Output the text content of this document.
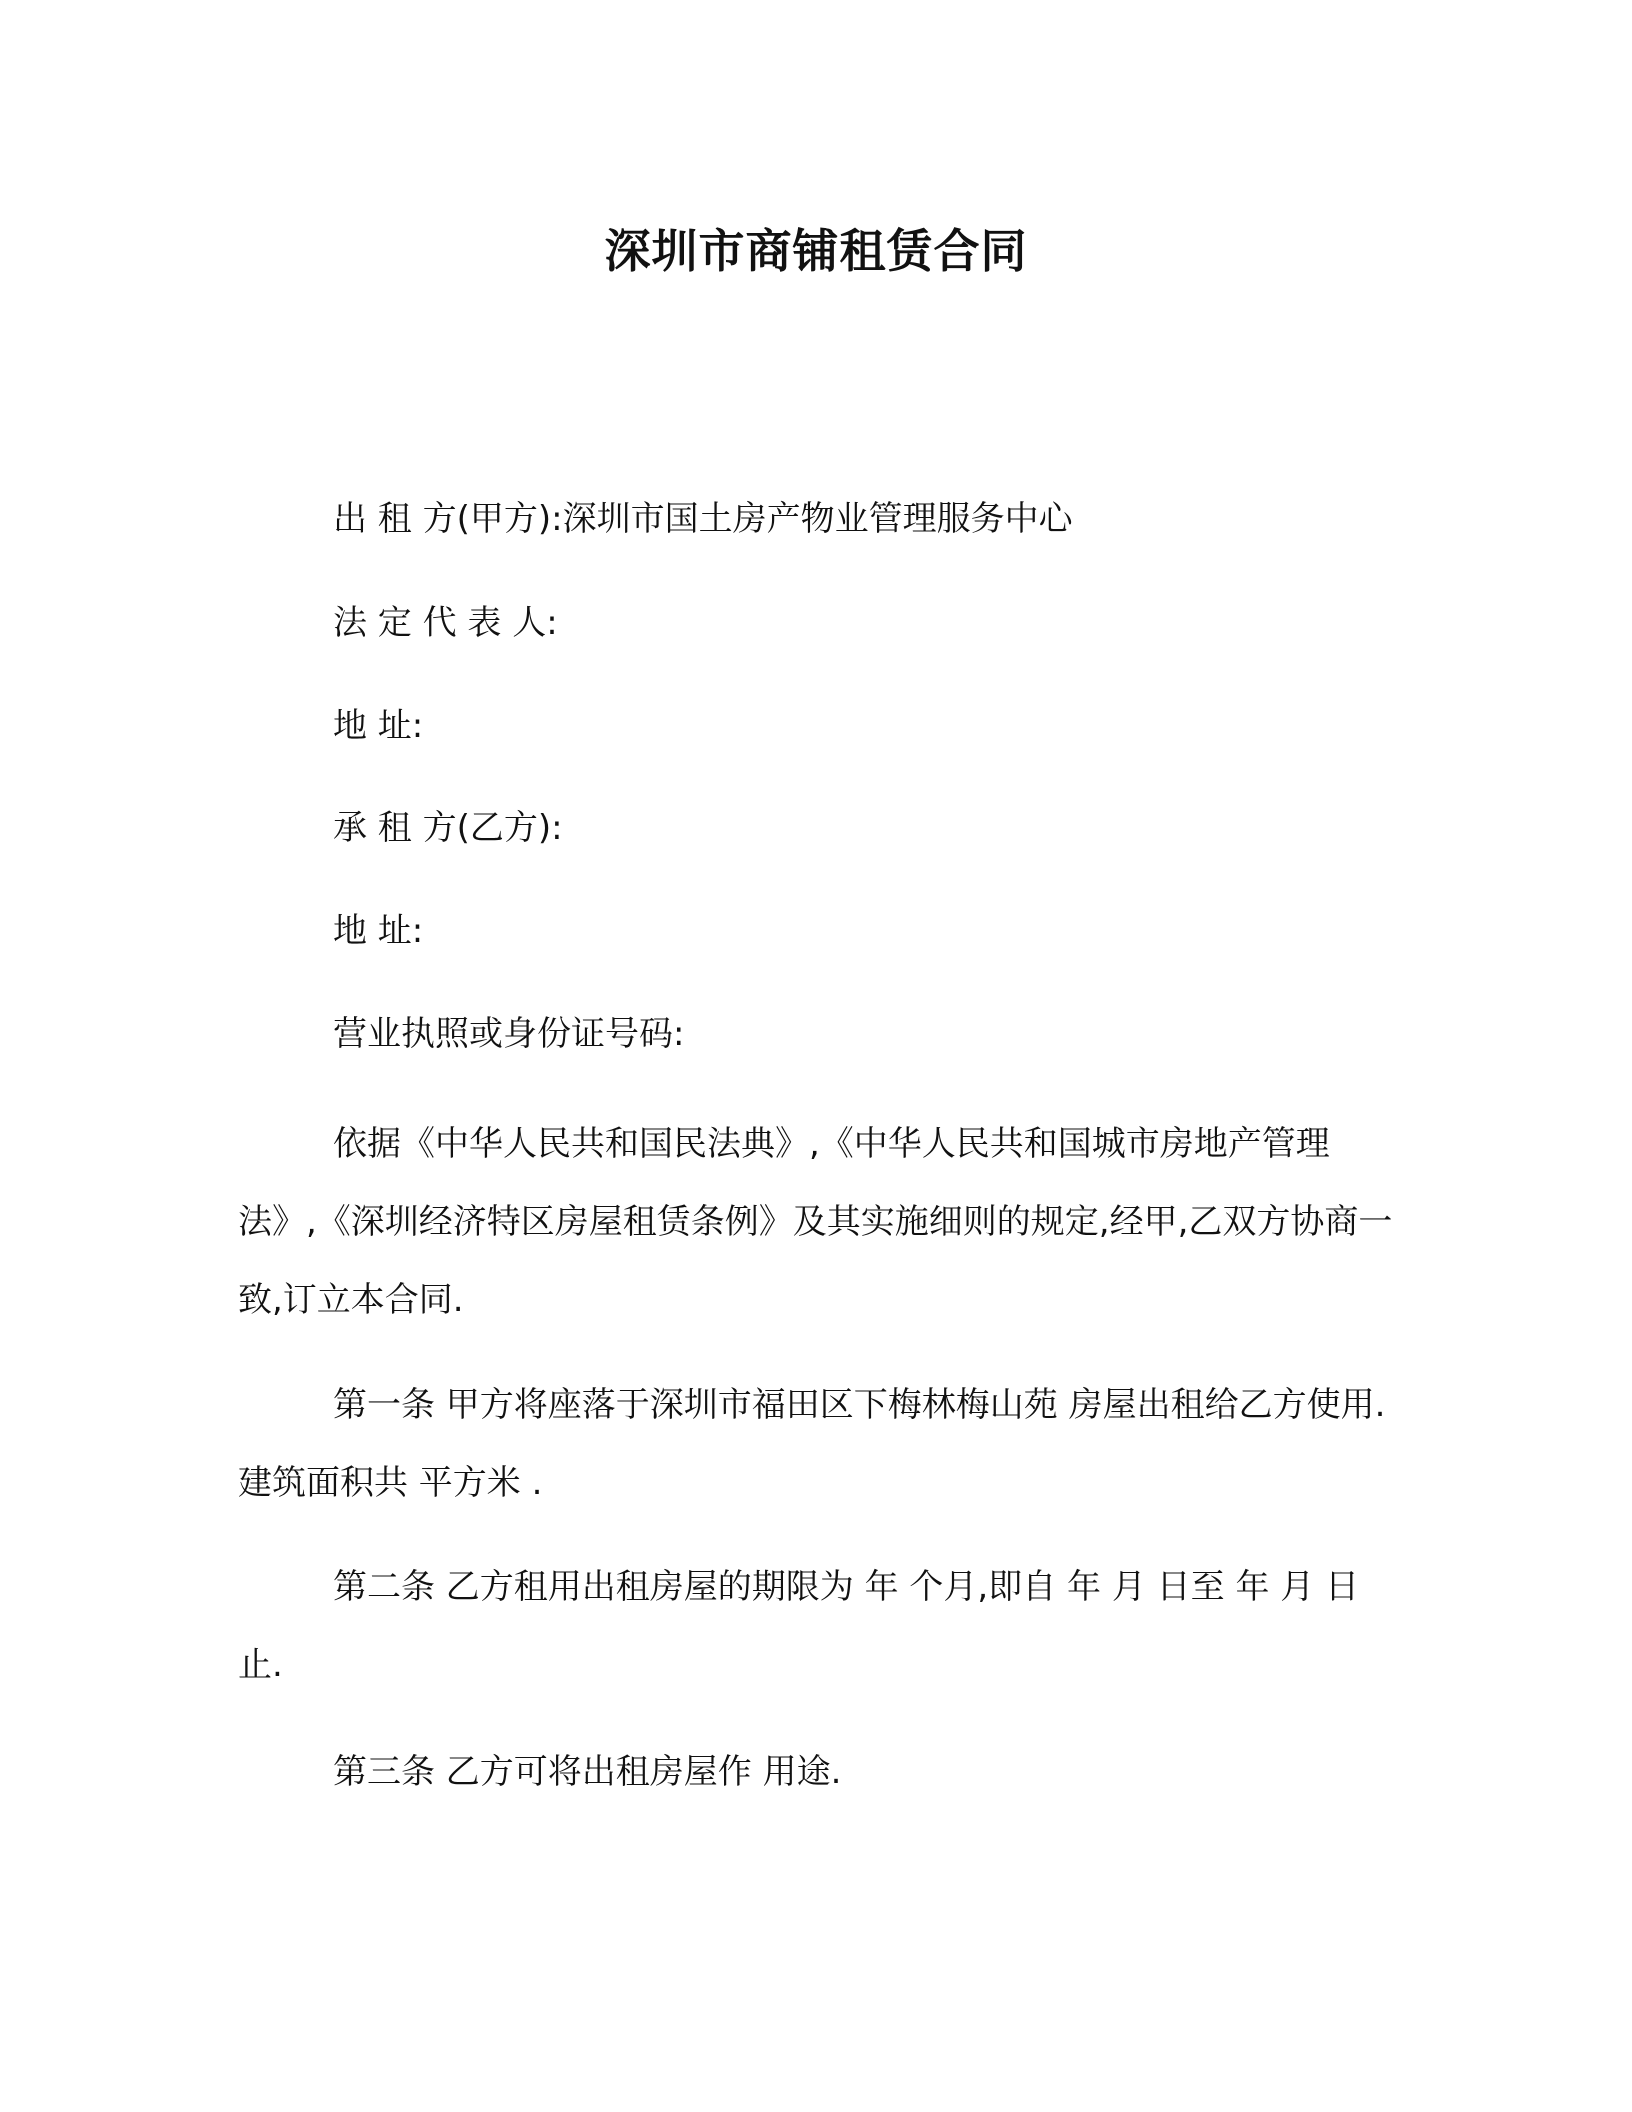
深圳市商铺租赁合同
出 租 方(甲方):深圳市国土房产物业管理服务中心
法 定 代 表 人:
地 址:
承 租 方(乙方):
地 址:
营业执照或身份证号码:
依据《中华人民共和国民法典》,《中华人民共和国城市房地产管理法》,《深圳经济特区房屋租赁条例》及其实施细则的规定,经甲,乙双方协商一致,订立本合同.
第一条 甲方将座落于深圳市福田区下梅林梅山苑 房屋出租给乙方使用.建筑面积共 平方米 .
第二条 乙方租用出租房屋的期限为 年 个月,即自 年 月 日至 年 月 日止.
第三条 乙方可将出租房屋作 用途.
